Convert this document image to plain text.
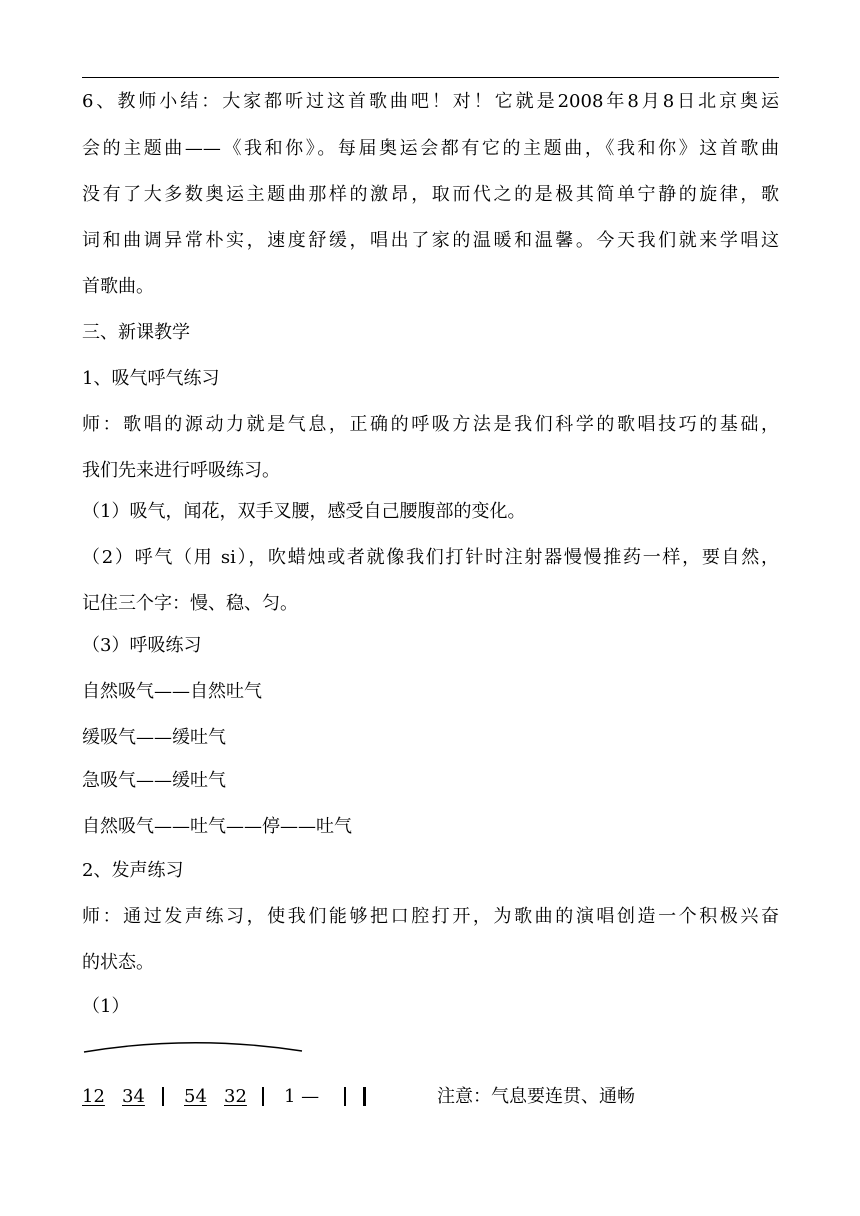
6、教师小结：大家都听过这首歌曲吧！对！它就是2008年8月8日北京奥运
会的主题曲——《我和你》。每届奥运会都有它的主题曲，《我和你》这首歌曲
没有了大多数奥运主题曲那样的激昂，取而代之的是极其简单宁静的旋律，歌
词和曲调异常朴实，速度舒缓，唱出了家的温暖和温馨。今天我们就来学唱这
首歌曲。
三、新课教学
1、吸气呼气练习
师：歌唱的源动力就是气息，正确的呼吸方法是我们科学的歌唱技巧的基础，
我们先来进行呼吸练习。
（1）吸气，闻花，双手叉腰，感受自己腰腹部的变化。
（2）呼气（用 si），吹蜡烛或者就像我们打针时注射器慢慢推药一样，要自然，
记住三个字：慢、稳、匀。
（3）呼吸练习
自然吸气——自然吐气
缓吸气——缓吐气
急吸气——缓吐气
自然吸气——吐气——停——吐气
2、发声练习
师：通过发声练习，使我们能够把口腔打开，为歌曲的演唱创造一个积极兴奋
的状态。
（1）
12 34 54 32 1 —	注意：气息要连贯、通畅
